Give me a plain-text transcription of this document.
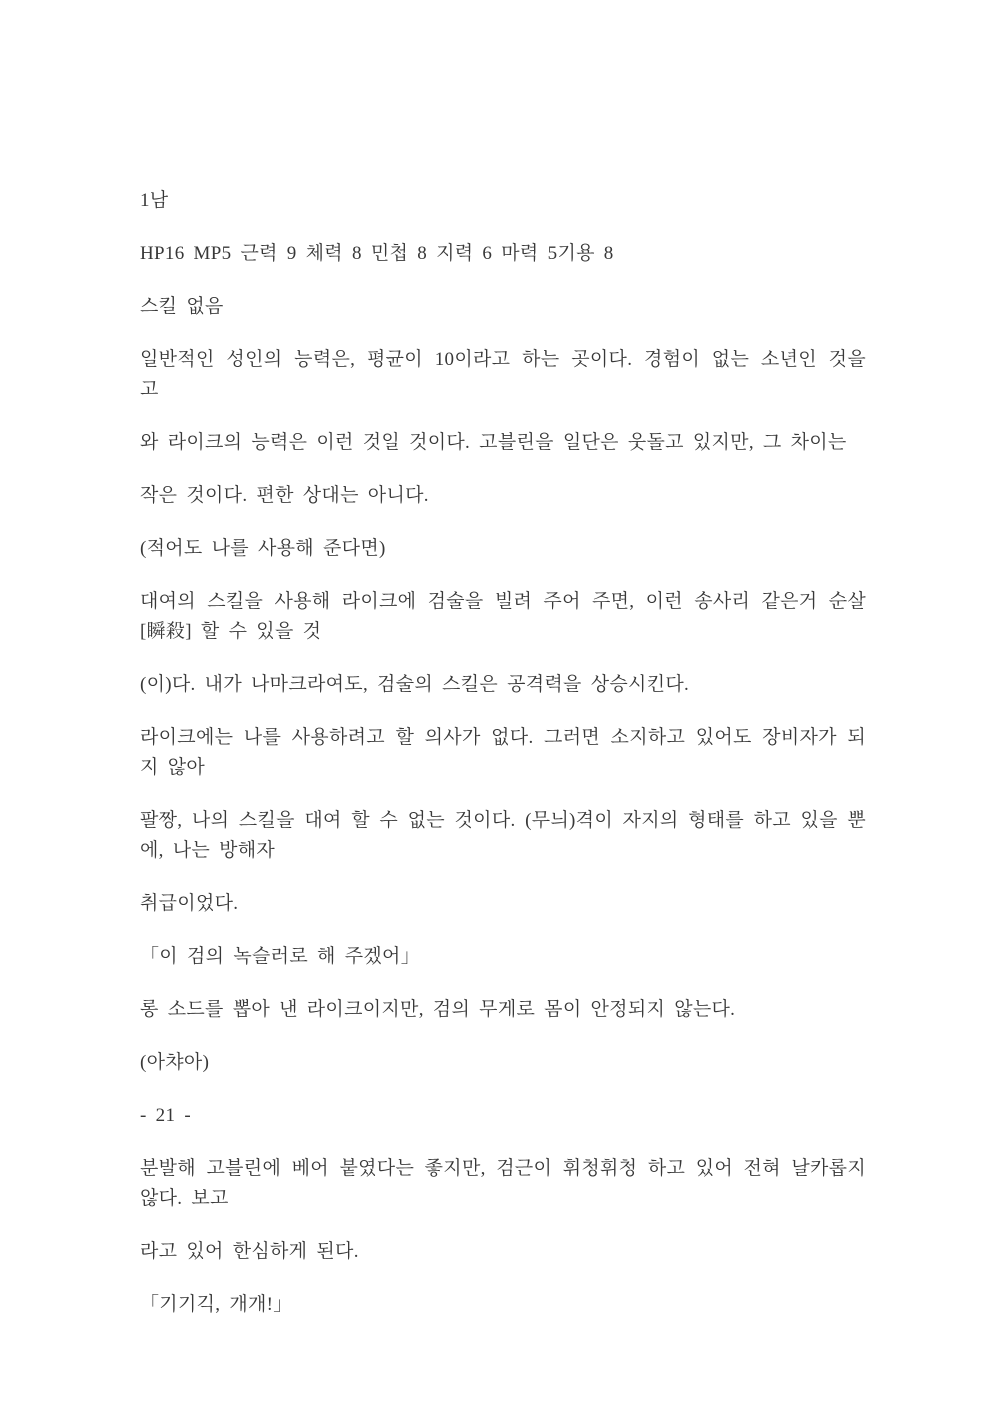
1남

HP16 MP5 근력 9 체력 8 민첩 8 지력 6 마력 5기용 8

스킬 없음

일반적인 성인의 능력은, 평균이 10이라고 하는 곳이다. 경험이 없는 소년인 것을 고

와 라이크의 능력은 이런 것일 것이다. 고블린을 일단은 웃돌고 있지만, 그 차이는

작은 것이다. 편한 상대는 아니다.

(적어도 나를 사용해 준다면)

대여의 스킬을 사용해 라이크에 검술을 빌려 주어 주면, 이런 송사리 같은거 순살[瞬殺] 할 수 있을 것

(이)다. 내가 나마크라여도, 검술의 스킬은 공격력을 상승시킨다.

라이크에는 나를 사용하려고 할 의사가 없다. 그러면 소지하고 있어도 장비자가 되지 않아

팔짱, 나의 스킬을 대여 할 수 없는 것이다. (무늬)격이 자지의 형태를 하고 있을 뿐에, 나는 방해자

취급이었다.

「이 검의 녹슬러로 해 주겠어」

롱 소드를 뽑아 낸 라이크이지만, 검의 무게로 몸이 안정되지 않는다.

(아챠아)

- 21 -

분발해 고블린에 베어 붙였다는 좋지만, 검근이 휘청휘청 하고 있어 전혀 날카롭지 않다. 보고

라고 있어 한심하게 된다.

「기기긱, 개개!」
